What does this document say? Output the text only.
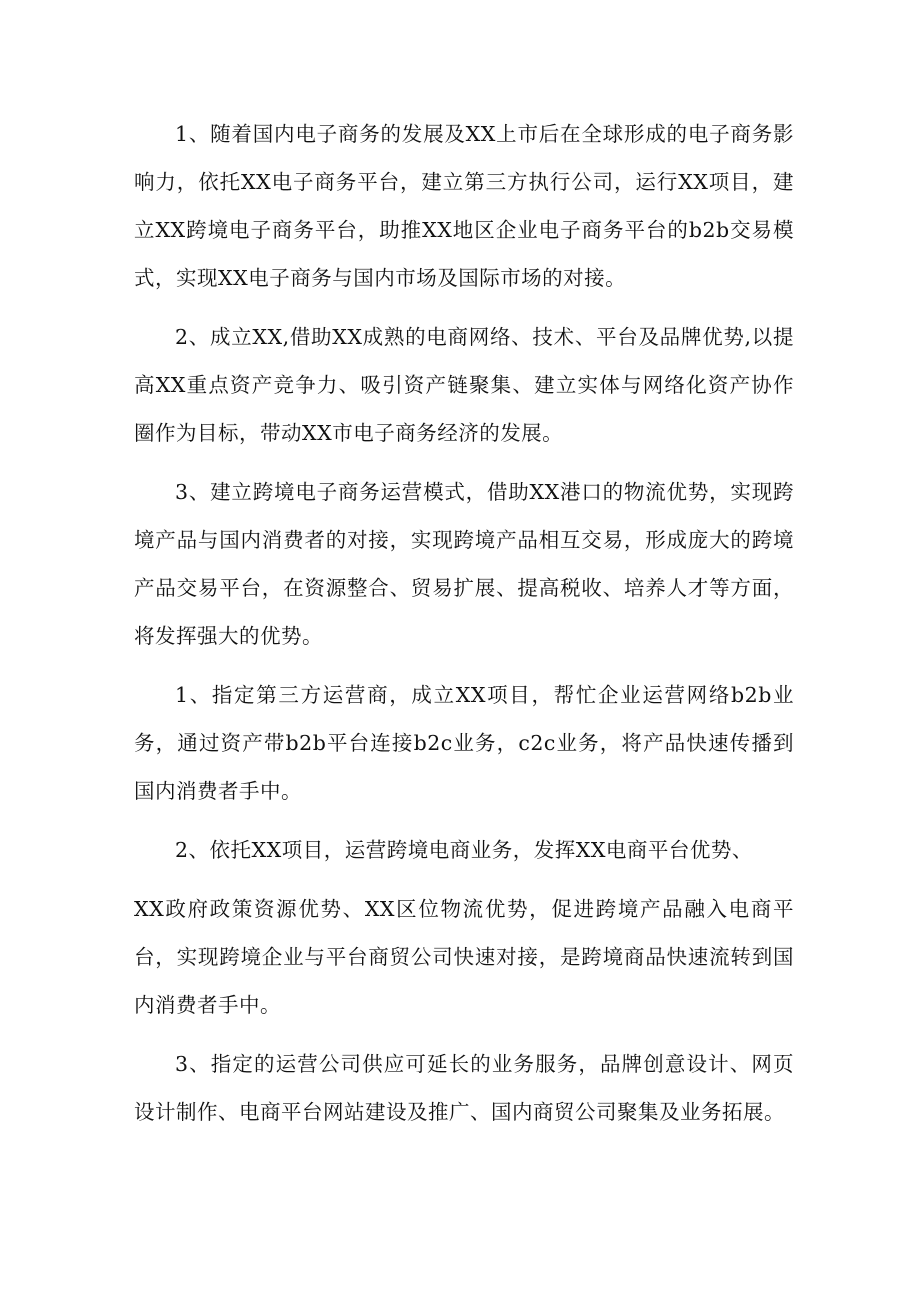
1、随着国内电子商务的发展及XX上市后在全球形成的电子商务影响力，依托XX电子商务平台，建立第三方执行公司，运行XX项目，建立XX跨境电子商务平台，助推XX地区企业电子商务平台的b2b交易模式，实现XX电子商务与国内市场及国际市场的对接。

2、成立XX,借助XX成熟的电商网络、技术、平台及品牌优势,以提高XX重点资产竞争力、吸引资产链聚集、建立实体与网络化资产协作圈作为目标，带动XX市电子商务经济的发展。

3、建立跨境电子商务运营模式，借助XX港口的物流优势，实现跨境产品与国内消费者的对接，实现跨境产品相互交易，形成庞大的跨境产品交易平台，在资源整合、贸易扩展、提高税收、培养人才等方面，将发挥强大的优势。

1、指定第三方运营商，成立XX项目，帮忙企业运营网络b2b业务，通过资产带b2b平台连接b2c业务，c2c业务，将产品快速传播到国内消费者手中。

2、依托XX项目，运营跨境电商业务，发挥XX电商平台优势、

XX政府政策资源优势、XX区位物流优势，促进跨境产品融入电商平台，实现跨境企业与平台商贸公司快速对接，是跨境商品快速流转到国内消费者手中。

3、指定的运营公司供应可延长的业务服务，品牌创意设计、网页设计制作、电商平台网站建设及推广、国内商贸公司聚集及业务拓展。
